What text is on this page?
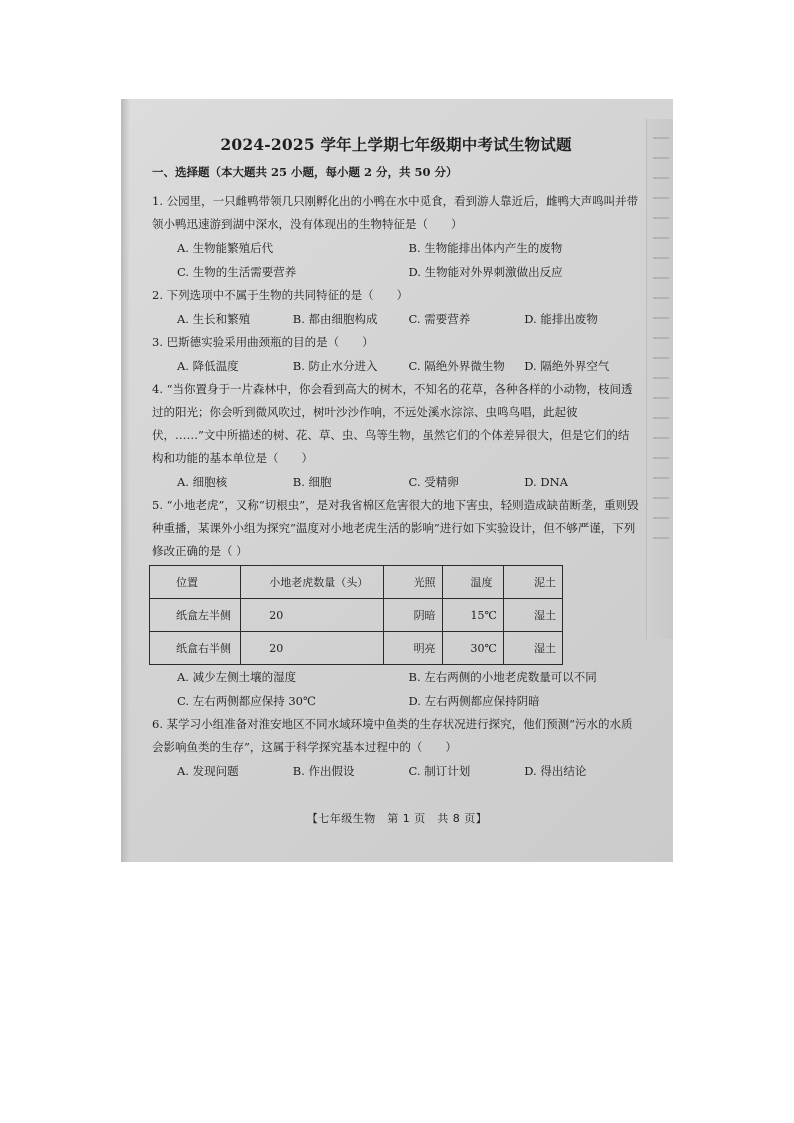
2024-2025 学年上学期七年级期中考试生物试题
一、选择题（本大题共 25 小题，每小题 2 分，共 50 分）

1. 公园里，一只雌鸭带领几只刚孵化出的小鸭在水中觅食，看到游人靠近后，雌鸭大声鸣叫并带领小鸭迅速游到湖中深水，没有体现出的生物特征是（　　）

A. 生物能繁殖后代	B. 生物能排出体内产生的废物
C. 生物的生活需要营养	D. 生物能对外界刺激做出反应

2. 下列选项中不属于生物的共同特征的是（　　）

A. 生长和繁殖	B. 都由细胞构成	C. 需要营养	D. 能排出废物

3. 巴斯德实验采用曲颈瓶的目的是（　　）

A. 降低温度	B. 防止水分进入	C. 隔绝外界微生物	D. 隔绝外界空气

4. “当你置身于一片森林中，你会看到高大的树木，不知名的花草，各种各样的小动物，枝间透过的阳光；你会听到微风吹过，树叶沙沙作响，不远处溪水淙淙、虫鸣鸟唱，此起彼伏，……”文中所描述的树、花、草、虫、鸟等生物，虽然它们的个体差异很大，但是它们的结构和功能的基本单位是（　　）

A. 细胞核	B. 细胞	C. 受精卵	D. DNA

5. “小地老虎”，又称“切根虫”，是对我省棉区危害很大的地下害虫，轻则造成缺苗断垄，重则毁种重播，某课外小组为探究“温度对小地老虎生活的影响”进行如下实验设计，但不够严谨，下列修改正确的是（ ）

位置	小地老虎数量（头）	光照	温度	泥土
纸盒左半侧	20	阴暗	15℃	湿土
纸盒右半侧	20	明亮	30℃	湿土
A. 减少左侧土壤的湿度	B. 左右两侧的小地老虎数量可以不同
C. 左右两侧都应保持 30℃	D. 左右两侧都应保持阴暗

6. 某学习小组准备对淮安地区不同水域环境中鱼类的生存状况进行探究，他们预测“污水的水质会影响鱼类的生存”，这属于科学探究基本过程中的（　　）

A. 发现问题	B. 作出假设	C. 制订计划	D. 得出结论
【七年级生物　第 1 页　共 8 页】
